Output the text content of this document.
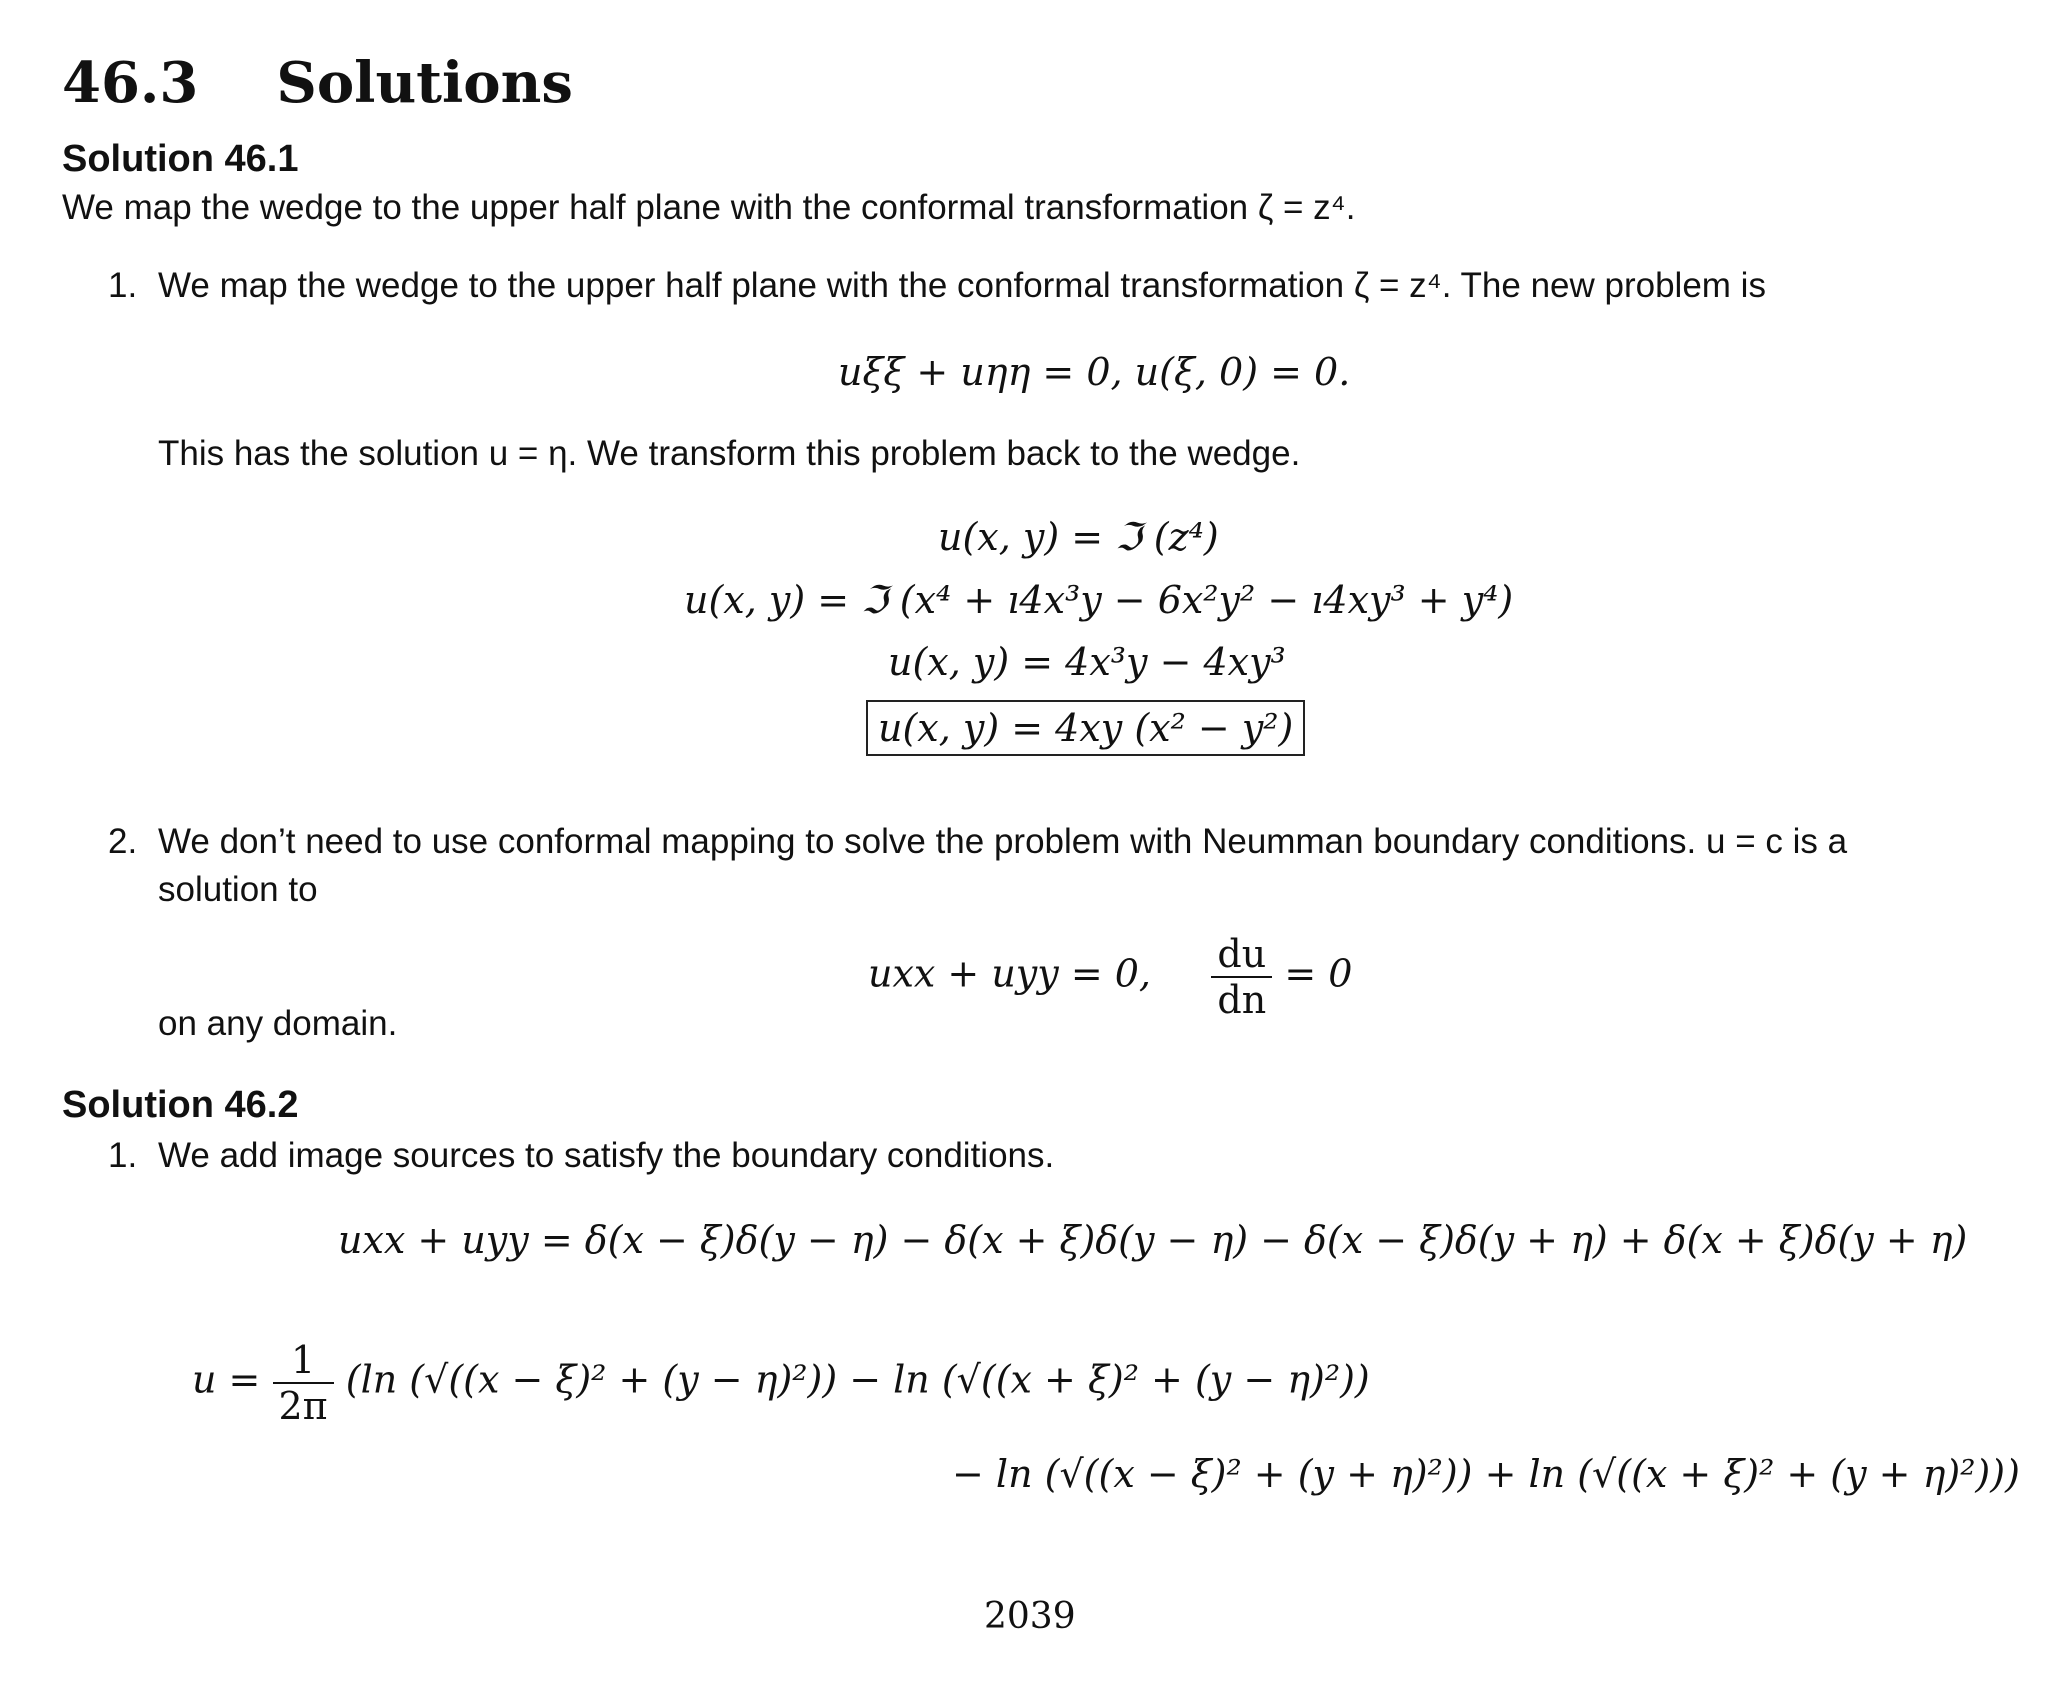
46.3 Solutions
Solution 46.1
We map the wedge to the upper half plane with the conformal transformation ζ = z⁴.
1. We map the wedge to the upper half plane with the conformal transformation ζ = z⁴. The new problem is
uξξ + uηη = 0, u(ξ, 0) = 0.
This has the solution u = η. We transform this problem back to the wedge.
u(x, y) = ℑ (z⁴)
u(x, y) = ℑ (x⁴ + ı4x³y − 6x²y² − ı4xy³ + y⁴)
u(x, y) = 4x³y − 4xy³
u(x, y) = 4xy (x² − y²)
2. We don’t need to use conformal mapping to solve the problem with Neumman boundary conditions. u = c is a
solution to
uxx + uyy = 0, $\frac{du}{dn} = 0$
on any domain.
Solution 46.2
1. We add image sources to satisfy the boundary conditions.
uxx + uyy = δ(x − ξ)δ(y − η) − δ(x + ξ)δ(y − η) − δ(x − ξ)δ(y + η) + δ(x + ξ)δ(y + η)
$u = \frac{1}{2\pi} (\ln$ (√((x − ξ)² + (y − η)²)) − ln (√((x + ξ)² + (y − η)²))
− ln (√((x − ξ)² + (y + η)²)) + ln (√((x + ξ)² + (y + η)²)))
2039
